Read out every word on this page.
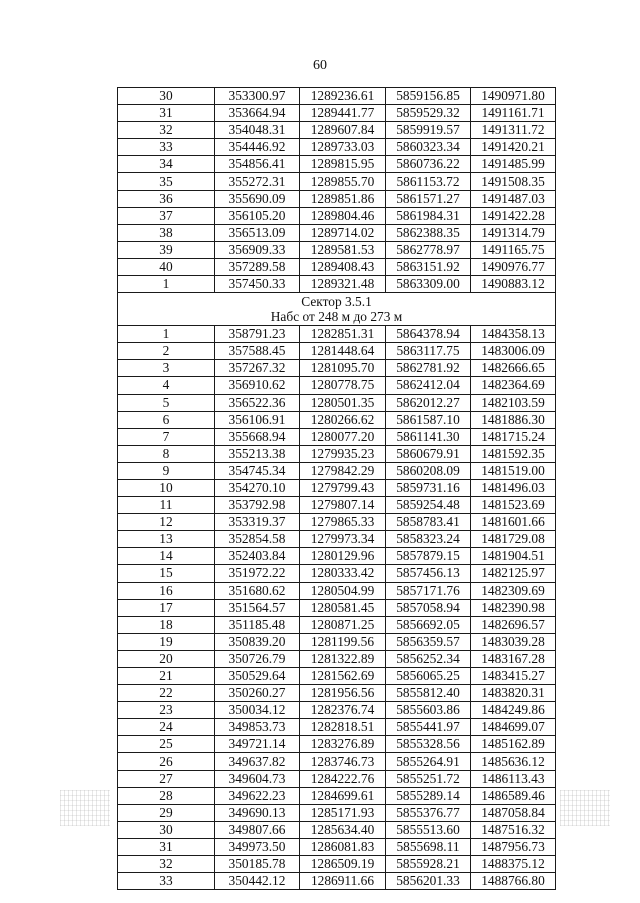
60
30	353300.97	1289236.61	5859156.85	1490971.80
31	353664.94	1289441.77	5859529.32	1491161.71
32	354048.31	1289607.84	5859919.57	1491311.72
33	354446.92	1289733.03	5860323.34	1491420.21
34	354856.41	1289815.95	5860736.22	1491485.99
35	355272.31	1289855.70	5861153.72	1491508.35
36	355690.09	1289851.86	5861571.27	1491487.03
37	356105.20	1289804.46	5861984.31	1491422.28
38	356513.09	1289714.02	5862388.35	1491314.79
39	356909.33	1289581.53	5862778.97	1491165.75
40	357289.58	1289408.43	5863151.92	1490976.77
1	357450.33	1289321.48	5863309.00	1490883.12

Сектор 3.5.1
Набс от 248 м до 273 м				

1	358791.23	1282851.31	5864378.94	1484358.13
2	357588.45	1281448.64	5863117.75	1483006.09
3	357267.32	1281095.70	5862781.92	1482666.65
4	356910.62	1280778.75	5862412.04	1482364.69
5	356522.36	1280501.35	5862012.27	1482103.59
6	356106.91	1280266.62	5861587.10	1481886.30
7	355668.94	1280077.20	5861141.30	1481715.24
8	355213.38	1279935.23	5860679.91	1481592.35
9	354745.34	1279842.29	5860208.09	1481519.00
10	354270.10	1279799.43	5859731.16	1481496.03
11	353792.98	1279807.14	5859254.48	1481523.69
12	353319.37	1279865.33	5858783.41	1481601.66
13	352854.58	1279973.34	5858323.24	1481729.08
14	352403.84	1280129.96	5857879.15	1481904.51
15	351972.22	1280333.42	5857456.13	1482125.97
16	351680.62	1280504.99	5857171.76	1482309.69
17	351564.57	1280581.45	5857058.94	1482390.98
18	351185.48	1280871.25	5856692.05	1482696.57
19	350839.20	1281199.56	5856359.57	1483039.28
20	350726.79	1281322.89	5856252.34	1483167.28
21	350529.64	1281562.69	5856065.25	1483415.27
22	350260.27	1281956.56	5855812.40	1483820.31
23	350034.12	1282376.74	5855603.86	1484249.86
24	349853.73	1282818.51	5855441.97	1484699.07
25	349721.14	1283276.89	5855328.56	1485162.89
26	349637.82	1283746.73	5855264.91	1485636.12
27	349604.73	1284222.76	5855251.72	1486113.43
28	349622.23	1284699.61	5855289.14	1486589.46
29	349690.13	1285171.93	5855376.77	1487058.84
30	349807.66	1285634.40	5855513.60	1487516.32
31	349973.50	1286081.83	5855698.11	1487956.73
32	350185.78	1286509.19	5855928.21	1488375.12
33	350442.12	1286911.66	5856201.33	1488766.80
